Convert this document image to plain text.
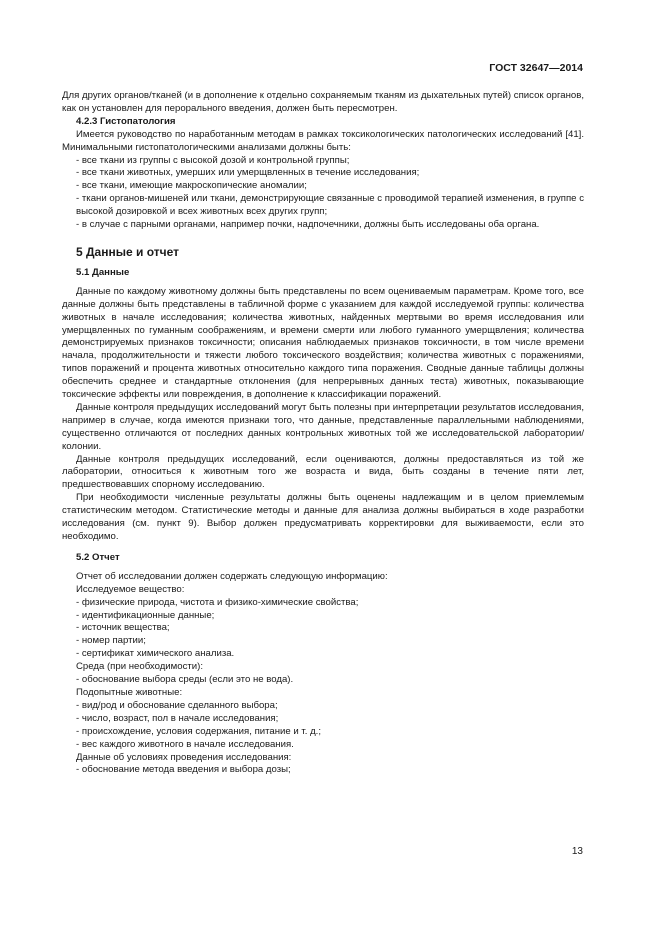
ГОСТ 32647—2014

Для других органов/тканей (и в дополнение к отдельно сохраняемым тканям из дыхательных путей) список органов, как он установлен для перорального введения, должен быть пересмотрен.

4.2.3 Гистопатология

Имеется руководство по наработанным методам в рамках токсикологических патологических исследований [41]. Минимальными гистопатологическими анализами должны быть:

- все ткани из группы с высокой дозой и контрольной группы;

- все ткани животных, умерших или умерщвленных в течение исследования;

- все ткани, имеющие макроскопические аномалии;

- ткани органов-мишеней или ткани, демонстрирующие связанные с проводимой терапией изменения, в группе с высокой дозировкой и всех животных всех других групп;

- в случае с парными органами, например почки, надпочечники, должны быть исследованы оба органа.

5 Данные и отчет

5.1 Данные

Данные по каждому животному должны быть представлены по всем оцениваемым параметрам. Кроме того, все данные должны быть представлены в табличной форме с указанием для каждой исследуемой группы: количества животных в начале исследования; количества животных, найденных мертвыми во время исследования или умерщвленных по гуманным соображениям, и времени смерти или любого гуманного умерщвления; количества демонстрируемых признаков токсичности; описания наблюдаемых признаков токсичности, в том числе времени начала, продолжительности и тяжести любого токсического воздействия; количества животных с поражениями, типов поражений и процента животных относительно каждого типа поражения. Сводные данные таблицы должны обеспечить среднее и стандартные отклонения (для непрерывных данных теста) животных, показывающие токсические эффекты или повреждения, в дополнение к классификации поражений.

Данные контроля предыдущих исследований могут быть полезны при интерпретации результатов исследования, например в случае, когда имеются признаки того, что данные, представленные параллельными наблюдениями, существенно отличаются от последних данных контрольных животных той же исследовательской лаборатории/колонии.

Данные контроля предыдущих исследований, если оцениваются, должны предоставляться из той же лаборатории, относиться к животным того же возраста и вида, быть созданы в течение пяти лет, предшествовавших спорному исследованию.

При необходимости численные результаты должны быть оценены надлежащим и в целом приемлемым статистическим методом. Статистические методы и данные для анализа должны выбираться в ходе разработки исследования (см. пункт 9). Выбор должен предусматривать корректировки для выживаемости, если это необходимо.

5.2 Отчет

Отчет об исследовании должен содержать следующую информацию:

Исследуемое вещество:

- физические природа, чистота и физико-химические свойства;

- идентификационные данные;

- источник вещества;

- номер партии;

- сертификат химического анализа.

Среда (при необходимости):

- обоснование выбора среды (если это не вода).

Подопытные животные:

- вид/род и обоснование сделанного выбора;

- число, возраст, пол в начале исследования;

- происхождение, условия содержания, питание и т. д.;

- вес каждого животного в начале исследования.

Данные об условиях проведения исследования:

- обоснование метода введения и выбора дозы;

13
